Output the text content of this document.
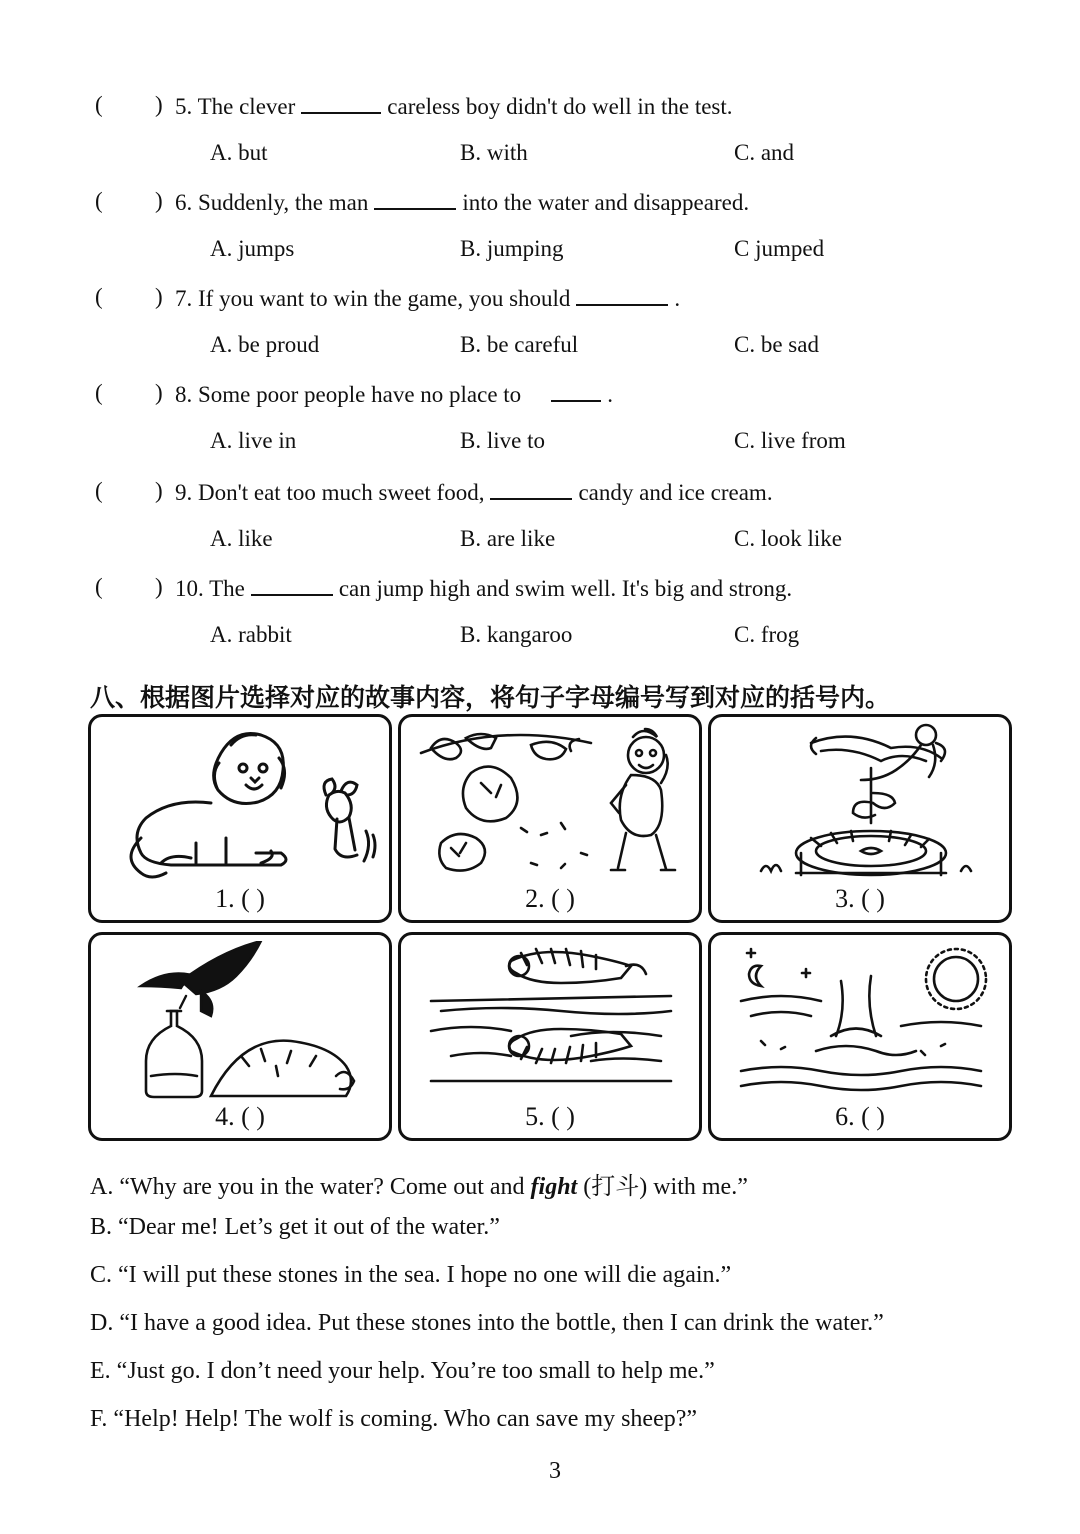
( ) 5. The clever	careless boy didn't do well in the test.
A. but	B. with	C. and
( ) 6. Suddenly, the man	into the water and disappeared.
A. jumps	B. jumping	C jumped
( ) 7. If you want to win the game, you should	.
A. be proud	B. be careful	C. be sad
( ) 8. Some poor people have no place to	.
A. live in	B. live to	C. live from
( ) 9. Don't eat too much sweet food,	candy and ice cream.
A. like	B. are like	C. look like
( ) 10. The	can jump high and swim well. It's big and strong.
A. rabbit	B. kangaroo	C. frog
八、根据图片选择对应的故事内容，将句子字母编号写到对应的括号内。
1. ( )	2. ( )	3. ( )
4. ( )	5. ( )	6. ( )
A. “Why are you in the water? Come out and fight (打斗) with me.”
B. “Dear me! Let’s get it out of the water.”
C. “I will put these stones in the sea. I hope no one will die again.”
D. “I have a good idea. Put these stones into the bottle, then I can drink the water.”
E. “Just go. I don’t need your help. You’re too small to help me.”
F. “Help! Help! The wolf is coming. Who can save my sheep?”
3
